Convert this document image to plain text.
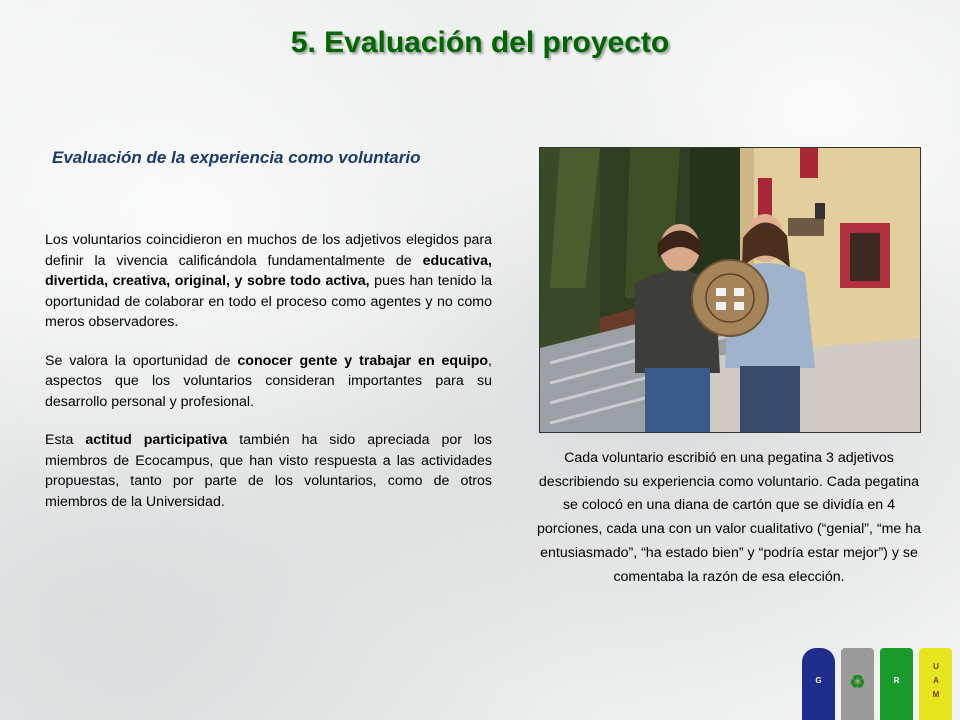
5. Evaluación del proyecto
Evaluación de la experiencia como voluntario

Los voluntarios coincidieron en muchos de los adjetivos elegidos para definir la vivencia calificándola fundamentalmente de educativa, divertida, creativa, original, y sobre todo activa, pues han tenido la oportunidad de colaborar en todo el proceso como agentes y no como meros observadores.

Se valora la oportunidad de conocer gente y trabajar en equipo, aspectos que los voluntarios consideran importantes para su desarrollo personal y profesional.

Esta actitud participativa también ha sido apreciada por los miembros de Ecocampus, que han visto respuesta a las actividades propuestas, tanto por parte de los voluntarios, como de otros miembros de la Universidad.

Cada voluntario escribió en una pegatina 3 adjetivos describiendo su experiencia como voluntario. Cada pegatina se colocó en una diana de cartón que se dividía en 4 porciones, cada una con un valor cualitativo (“genial”, “me ha entusiasmado”, “ha estado bien” y “podría estar mejor”) y se comentaba la razón de esa elección.
G	♻	R
U A M
